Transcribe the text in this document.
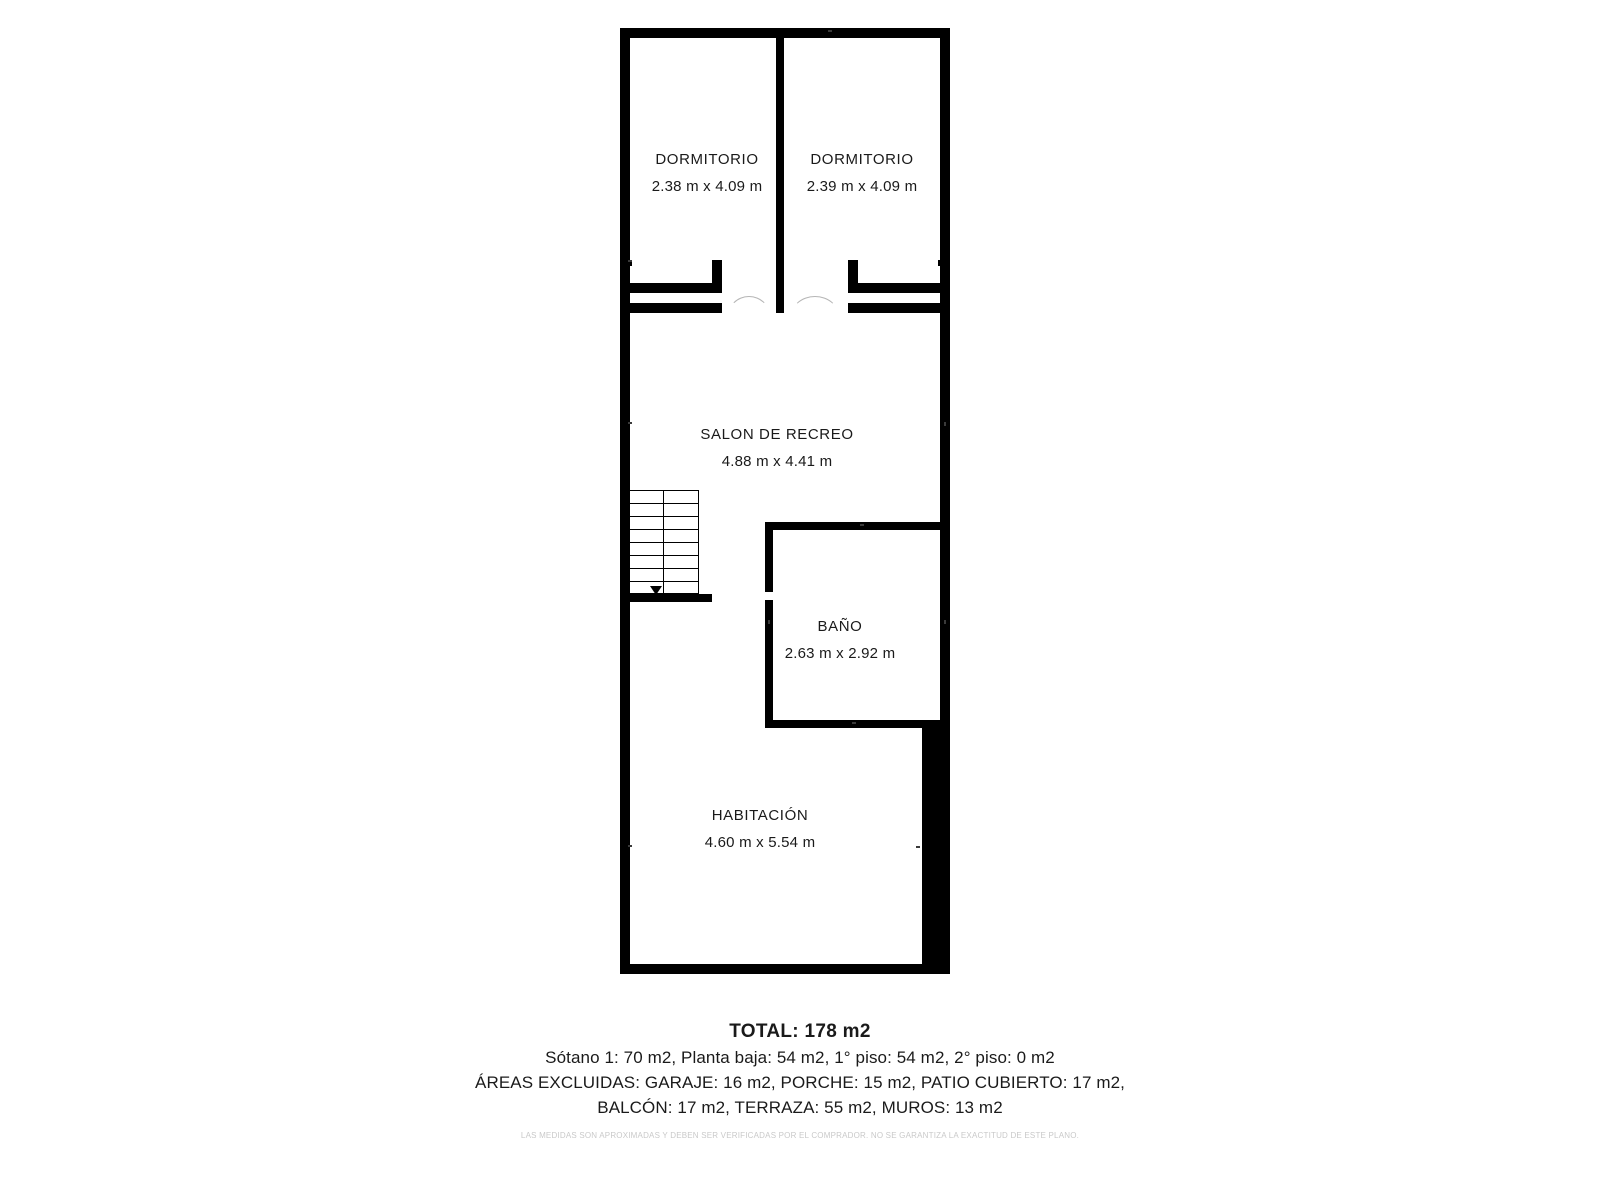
DORMITORIO
2.38 m x 4.09 m
DORMITORIO
2.39 m x 4.09 m
SALON DE RECREO
4.88 m x 4.41 m
BAÑO
2.63 m x 2.92 m
HABITACIÓN
4.60 m x 5.54 m
TOTAL: 178 m2
Sótano 1: 70 m2, Planta baja: 54 m2, 1° piso: 54 m2, 2° piso: 0 m2
ÁREAS EXCLUIDAS: GARAJE: 16 m2, PORCHE: 15 m2, PATIO CUBIERTO: 17 m2,
BALCÓN: 17 m2, TERRAZA: 55 m2, MUROS: 13 m2
LAS MEDIDAS SON APROXIMADAS Y DEBEN SER VERIFICADAS POR EL COMPRADOR. NO SE GARANTIZA LA EXACTITUD DE ESTE PLANO.
